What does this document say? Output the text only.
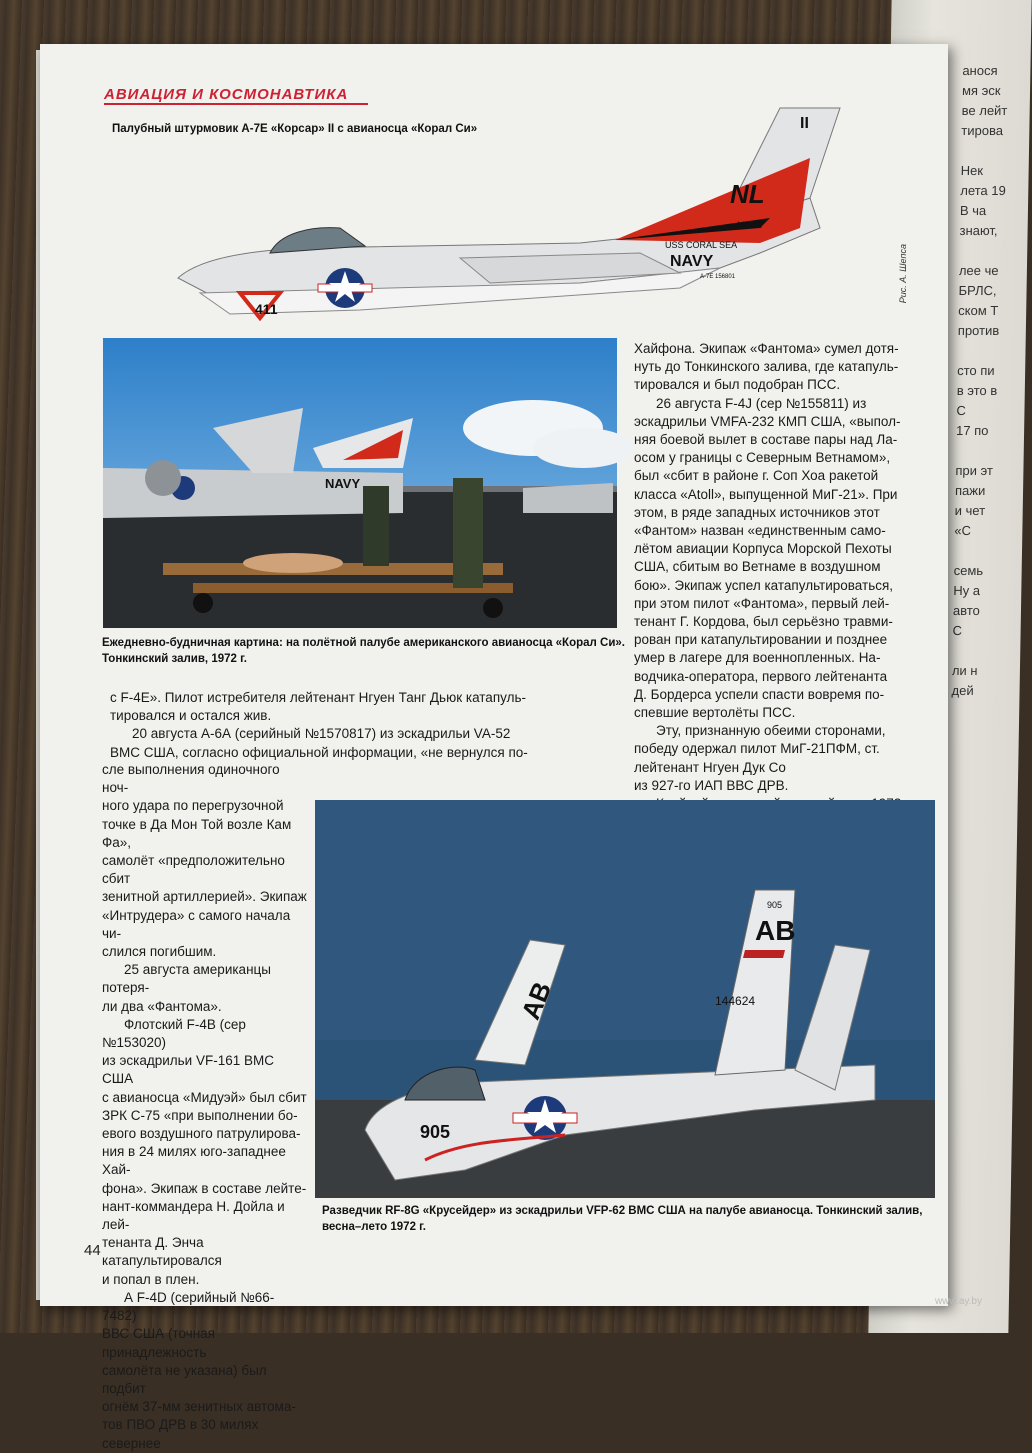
анося
мя эск
ве лейт
тирова
Нек
лета 19
В ча
знают,
лее че
БРЛС,
ском Т
против
сто пи
в это в
С
17 по
при эт
пажи
и чет
«С
семь
Ну а
авто
С
ли н
дей
АВИАЦИЯ И КОСМОНАВТИКА
NL
VA-94
USS CORAL SEA
NAVY
411
II
A-7E 156801	Рис. А. Шепса
Палубный штурмовик A-7E «Корсар» II с авианосца «Корал Си»
NAVY
Ежедневно-будничная картина: на полётной палубе американского авианосца «Корал Си».
Тонкинский залив, 1972 г.

Хайфона. Экипаж «Фантома» сумел дотя-

нуть до Тонкинского залива, где катапуль-

тировался и был подобран ПСС.

26 августа F-4J (сер №155811) из

эскадрильи VMFA-232 КМП США, «выпол-

няя боевой вылет в составе пары над Ла-

осом у границы с Северным Ветнамом»,

был «сбит в районе г. Соп Хоа ракетой

класса «Atoll», выпущенной МиГ-21». При

этом, в ряде западных источников этот

«Фантом» назван «единственным само-

лётом авиации Корпуса Морской Пехоты

США, сбитым во Ветнаме в воздушном

бою». Экипаж успел катапультироваться,

при этом пилот «Фантома», первый лей-

тенант Г. Кордова, был серьёзно травми-

рован при катапультировании и позднее

умер в лагере для военнопленных. На-

водчика-оператора, первого лейтенанта

Д. Бордерса успели спасти вовремя по-

спевшие вертолёты ПСС.

Эту, признанную обеими сторонами,

победу одержал пилот МиГ-21ПФМ, ст. лейтенант Нгуен Дук Со

из 927-го ИАП ВВС ДРВ.

с F-4E». Пилот истребителя лейтенант Нгуен Танг Дьюк катапуль-

тировался и остался жив.

20 августа А-6А (серийный №1570817) из эскадрильи VA-52

ВМС США, согласно официальной информации, «не вернулся по-

сле выполнения одиночного ноч-

ного удара по перегрузочной

точке в Да Мон Той возле Кам Фа»,

самолёт «предположительно сбит

зенитной артиллерией». Экипаж

«Интрудера» с самого начала чи-

слился погибшим.

25 августа американцы потеря-

ли два «Фантома».

Флотский F-4B (сер №153020)

из эскадрильи VF-161 ВМС США

с авианосца «Мидуэй» был сбит

ЗРК С-75 «при выполнении бо-

евого воздушного патрулирова-

ния в 24 милях юго-западнее Хай-

фона». Экипаж в составе лейте-

нант-коммандера Н. Дойла и лей-

тенанта Д. Энча катапультировался

и попал в плен.

А F-4D (серийный №66-7482)

ВВС США (точная принадлежность

самолёта не указана) был подбит

огнём 37-мм зенитных автома-

тов ПВО ДРВ в 30 милях севернее

AB
905
144624
905
AB
Разведчик RF-8G «Крусейдер» из эскадрильи VFP-62 ВМС США на палубе авианосца. Тонкинский залив,
весна–лето 1972 г.
44
www.ay.by
